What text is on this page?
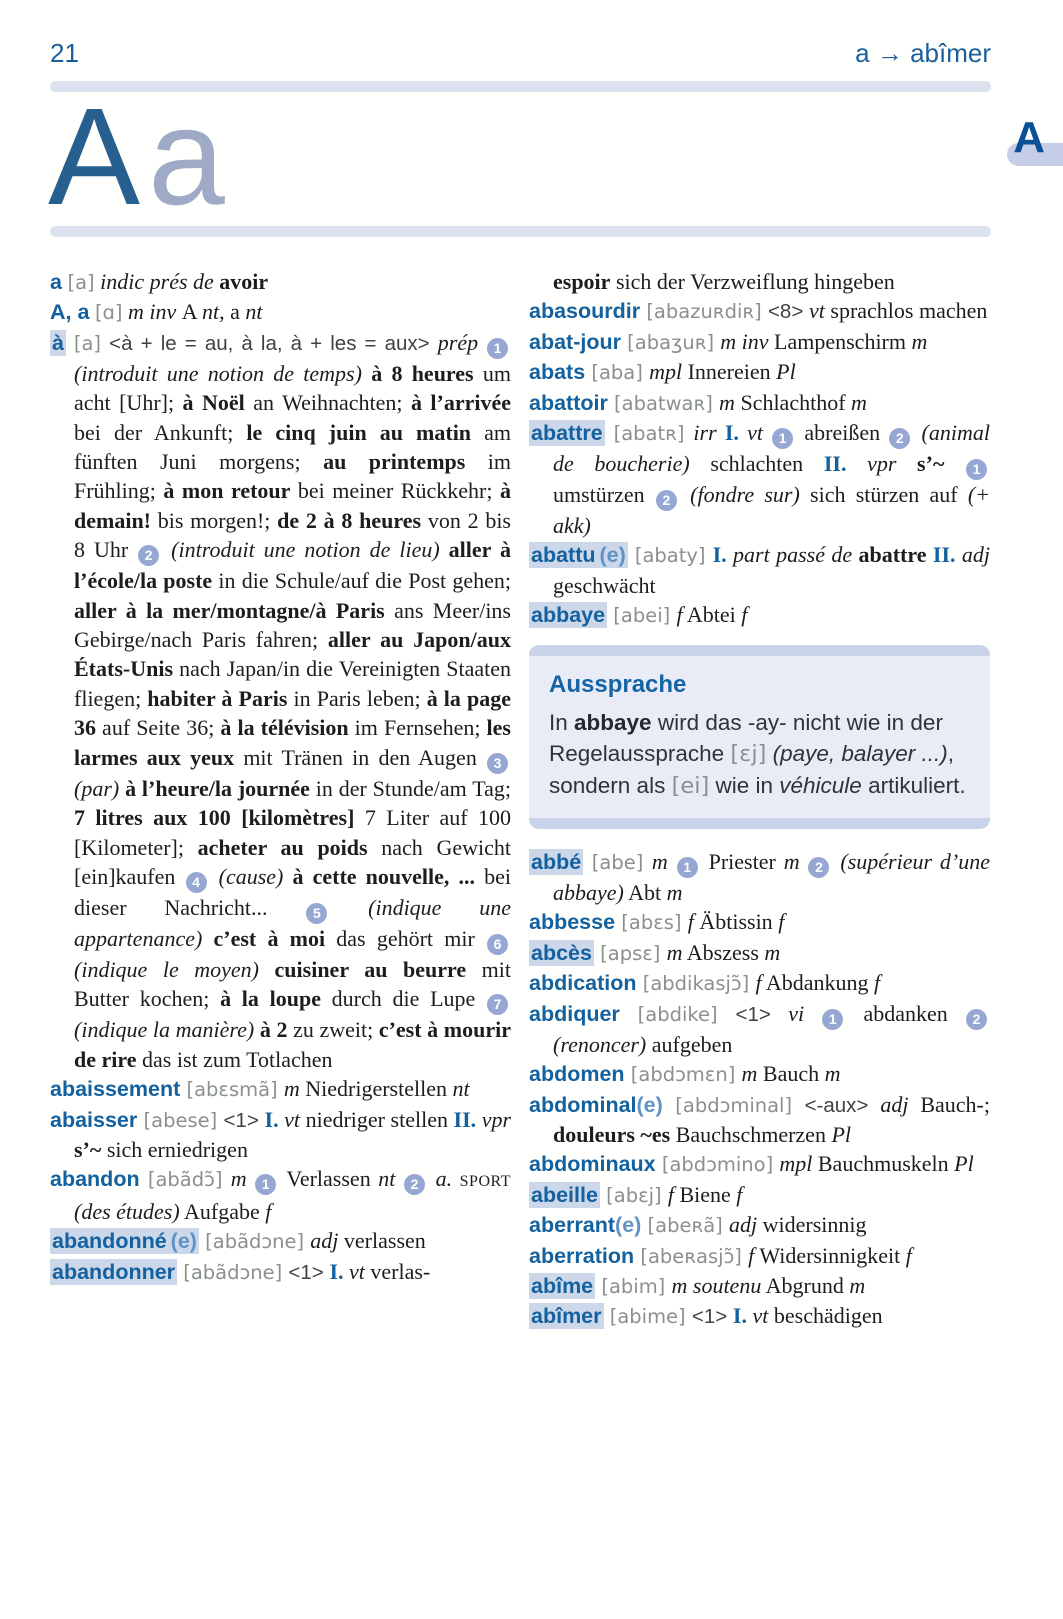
21	a → abîmer
Aa	A

a [a] indic prés de avoir

A, a [ɑ] m inv A nt, a nt

à [a] <à + le = au, à la, à + les = aux> prép 1 (introduit une notion de temps) à 8 heures um acht [Uhr]; à Noël an Weihnachten; à l’arrivée bei der Ankunft; le cinq juin au matin am fünften Juni morgens; au printemps im Frühling; à mon retour bei meiner Rückkehr; à demain! bis morgen!; de 2 à 8 heures von 2 bis 8 Uhr 2 (introduit une notion de lieu) aller à l’école/la poste in die Schule/auf die Post gehen; aller à la mer/montagne/à Paris ans Meer/ins Gebirge/nach Paris fahren; aller au Japon/aux États-Unis nach Japan/in die Vereinigten Staaten fliegen; habiter à Paris in Paris leben; à la page 36 auf Seite 36; à la télévision im Fernsehen; les larmes aux yeux mit Tränen in den Augen 3 (par) à l’heure/la journée in der Stunde/am Tag; 7 litres aux 100 [kilomètres] 7 Liter auf 100 [Kilometer]; acheter au poids nach Gewicht [ein]kaufen 4 (cause) à cette nouvelle, ... bei dieser Nachricht... 5 (indique une appartenance) c’est à moi das gehört mir 6 (indique le moyen) cuisiner au beurre mit Butter kochen; à la loupe durch die Lupe 7 (indique la manière) à 2 zu zweit; c’est à mourir de rire das ist zum Totlachen

abaissement [abɛsmã] m Niedrigerstellen nt

abaisser [abese] <1> I. vt niedriger stellen II. vpr s’~ sich erniedrigen

abandon [abãdɔ̃] m 1 Verlassen nt 2 a. SPORT (des études) Aufgabe f

abandonné (e) [abãdɔne] adj verlassen

abandonner [abãdɔne] <1> I. vt verlas-

espoir sich der Verzweiflung hingeben

abasourdir [abazuʀdiʀ] <8> vt sprachlos machen

abat-jour [abaʒuʀ] m inv Lampenschirm m

abats [aba] mpl Innereien Pl

abattoir [abatwaʀ] m Schlachthof m

abattre [abatʀ] irr I. vt 1 abreißen 2 (animal de boucherie) schlachten II. vpr s’~ 1 umstürzen 2 (fondre sur) sich stürzen auf (+ akk)

abattu (e) [abaty] I. part passé de abattre II. adj geschwächt

abbaye [abei] f Abtei f

Aussprache

In abbaye wird das -ay- nicht wie in der Regelaussprache [ɛj] (paye, balayer ...), sondern als [ei] wie in véhicule artikuliert.

abbé [abe] m 1 Priester m 2 (supérieur d’une abbaye) Abt m

abbesse [abɛs] f Äbtissin f

abcès [apsɛ] m Abszess m

abdication [abdikasjɔ̃] f Abdankung f

abdiquer [abdike] <1> vi 1 abdanken 2 (renoncer) aufgeben

abdomen [abdɔmɛn] m Bauch m

abdominal(e) [abdɔminal] <-aux> adj Bauch-; douleurs ~es Bauchschmerzen Pl

abdominaux [abdɔmino] mpl Bauchmuskeln Pl

abeille [abɛj] f Biene f

aberrant(e) [abeʀã] adj widersinnig

aberration [abeʀasjɔ̃] f Widersinnigkeit f

abîme [abim] m soutenu Abgrund m

abîmer [abime] <1> I. vt beschädigen
